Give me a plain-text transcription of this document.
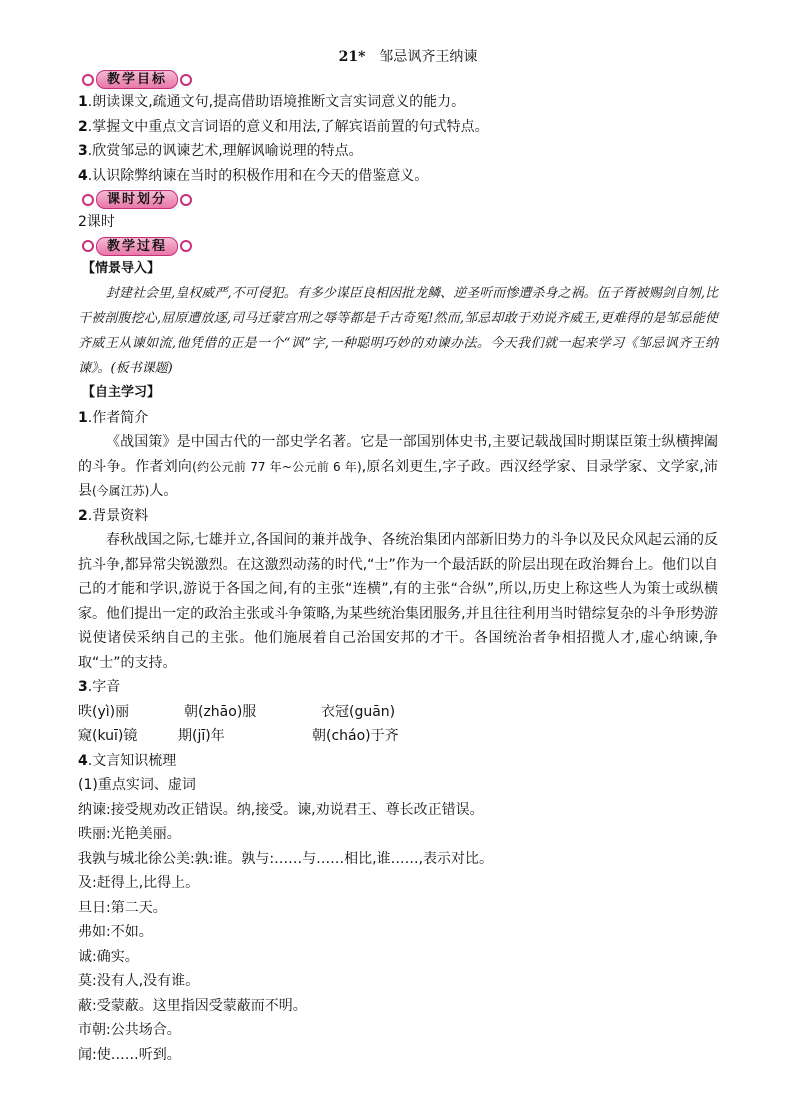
21* 邹忌讽齐王纳谏
教学目标
1.朗读课文,疏通文句,提高借助语境推断文言实词意义的能力。
2.掌握文中重点文言词语的意义和用法,了解宾语前置的句式特点。
3.欣赏邹忌的讽谏艺术,理解讽喻说理的特点。
4.认识除弊纳谏在当时的积极作用和在今天的借鉴意义。
课时划分
2课时
教学过程
【情景导入】
封建社会里,皇权威严,不可侵犯。有多少谋臣良相因批龙鳞、逆圣听而惨遭杀身之祸。伍子胥被赐剑自刎,比干被剖腹挖心,屈原遭放逐,司马迁蒙宫刑之辱等都是千古奇冤!然而,邹忌却敢于劝说齐威王,更难得的是邹忌能使齐威王从谏如流,他凭借的正是一个“讽”字,一种聪明巧妙的劝谏办法。今天我们就一起来学习《邹忌讽齐王纳谏》。(板书课题)
【自主学习】
1.作者简介
《战国策》是中国古代的一部史学名著。它是一部国别体史书,主要记载战国时期谋臣策士纵横捭阖的斗争。作者刘向(约公元前 77 年~公元前 6 年),原名刘更生,字子政。西汉经学家、目录学家、文学家,沛县(今属江苏)人。
2.背景资料
春秋战国之际,七雄并立,各国间的兼并战争、各统治集团内部新旧势力的斗争以及民众风起云涌的反抗斗争,都异常尖锐激烈。在这激烈动荡的时代,“士”作为一个最活跃的阶层出现在政治舞台上。他们以自己的才能和学识,游说于各国之间,有的主张“连横”,有的主张“合纵”,所以,历史上称这些人为策士或纵横家。他们提出一定的政治主张或斗争策略,为某些统治集团服务,并且往往利用当时错综复杂的斗争形势游说使诸侯采纳自己的主张。他们施展着自己治国安邦的才干。各国统治者争相招揽人才,虚心纳谏,争取“士”的支持。
3.字音
昳(yì)丽	朝(zhāo)服	衣冠(guān)
窥(kuī)镜	期(jī)年	朝(cháo)于齐
4.文言知识梳理
(1)重点实词、虚词
纳谏:接受规劝改正错误。纳,接受。谏,劝说君王、尊长改正错误。
昳丽:光艳美丽。
我孰与城北徐公美:孰:谁。孰与:……与……相比,谁……,表示对比。
及:赶得上,比得上。
旦日:第二天。
弗如:不如。
诚:确实。
莫:没有人,没有谁。
蔽:受蒙蔽。这里指因受蒙蔽而不明。
市朝:公共场合。
闻:使……听到。
